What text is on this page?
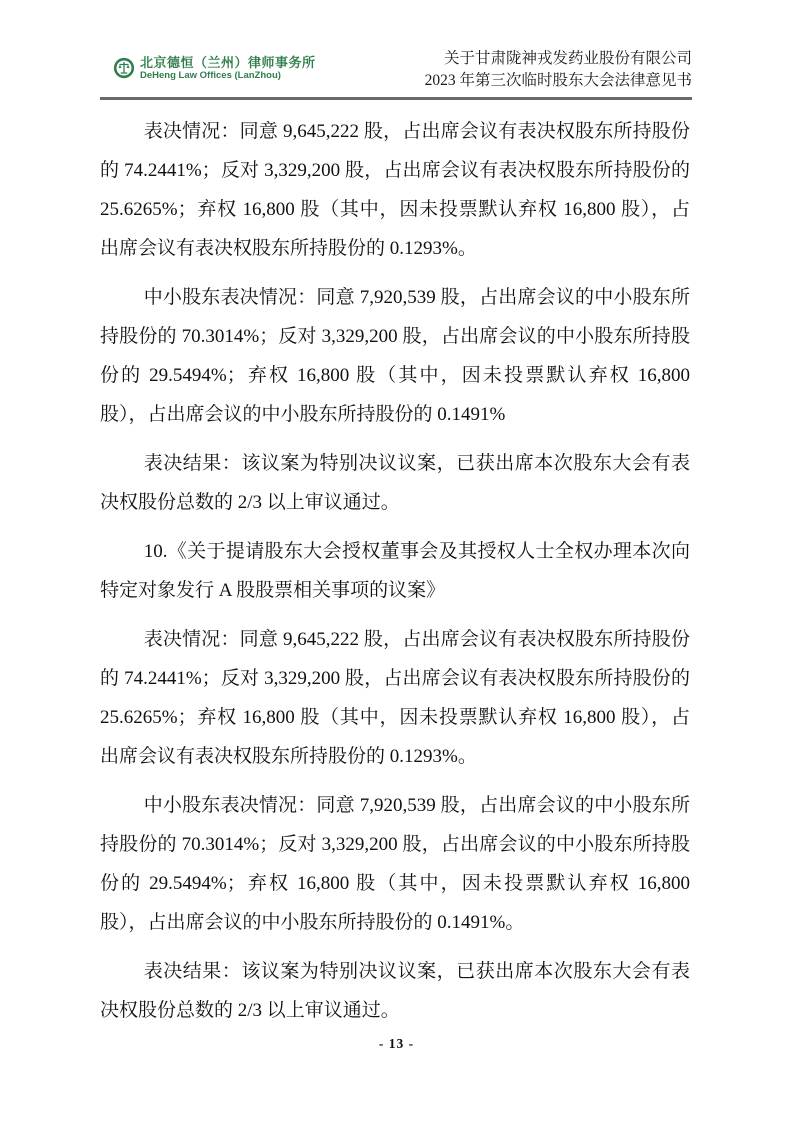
北京德恒（兰州）律师事务所
DeHeng Law Offices (LanZhou)
关于甘肃陇神戎发药业股份有限公司
2023 年第三次临时股东大会法律意见书

表决情况：同意 9,645,222 股，占出席会议有表决权股东所持股份的 74.2441%；反对 3,329,200 股，占出席会议有表决权股东所持股份的 25.6265%；弃权 16,800 股（其中，因未投票默认弃权 16,800 股），占出席会议有表决权股东所持股份的 0.1293%。

中小股东表决情况：同意 7,920,539 股，占出席会议的中小股东所持股份的 70.3014%；反对 3,329,200 股，占出席会议的中小股东所持股份的 29.5494%；弃权 16,800 股（其中，因未投票默认弃权 16,800 股），占出席会议的中小股东所持股份的 0.1491%

表决结果：该议案为特别决议议案，已获出席本次股东大会有表决权股份总数的 2/3 以上审议通过。

10.《关于提请股东大会授权董事会及其授权人士全权办理本次向特定对象发行 A 股股票相关事项的议案》

表决情况：同意 9,645,222 股，占出席会议有表决权股东所持股份的 74.2441%；反对 3,329,200 股，占出席会议有表决权股东所持股份的 25.6265%；弃权 16,800 股（其中，因未投票默认弃权 16,800 股），占出席会议有表决权股东所持股份的 0.1293%。

中小股东表决情况：同意 7,920,539 股，占出席会议的中小股东所持股份的 70.3014%；反对 3,329,200 股，占出席会议的中小股东所持股份的 29.5494%；弃权 16,800 股（其中，因未投票默认弃权 16,800 股），占出席会议的中小股东所持股份的 0.1491%。

表决结果：该议案为特别决议议案，已获出席本次股东大会有表决权股份总数的 2/3 以上审议通过。

- 13 -
